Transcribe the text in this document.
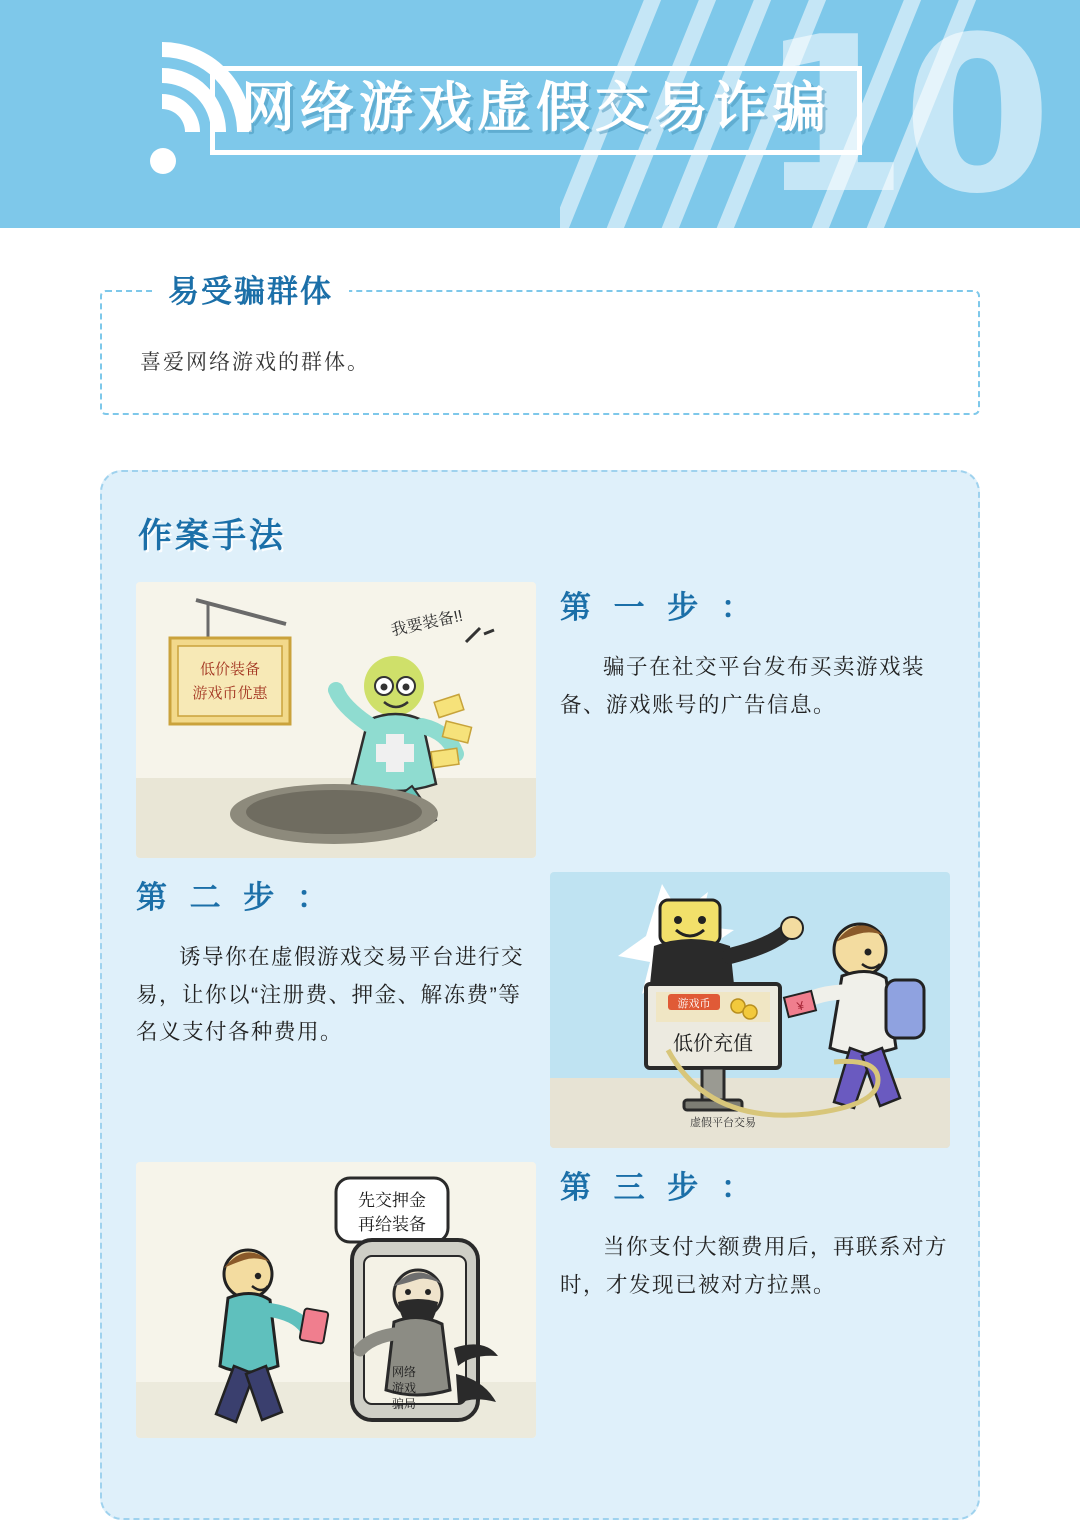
10
网络游戏虚假交易诈骗
易受骗群体
喜爱网络游戏的群体。
作案手法
低价装备
游戏币优惠
我要装备!!	第 一 步 ：
骗子在社交平台发布买卖游戏装备、游戏账号的广告信息。
第 二 步 ：
诱导你在虚假游戏交易平台进行交易，让你以“注册费、押金、解冻费”等名义支付各种费用。
游戏币
低价充值
虚假平台交易
¥
先交押金
再给装备
网络
游戏
骗局
第 三 步 ：
当你支付大额费用后，再联系对方时，才发现已被对方拉黑。
